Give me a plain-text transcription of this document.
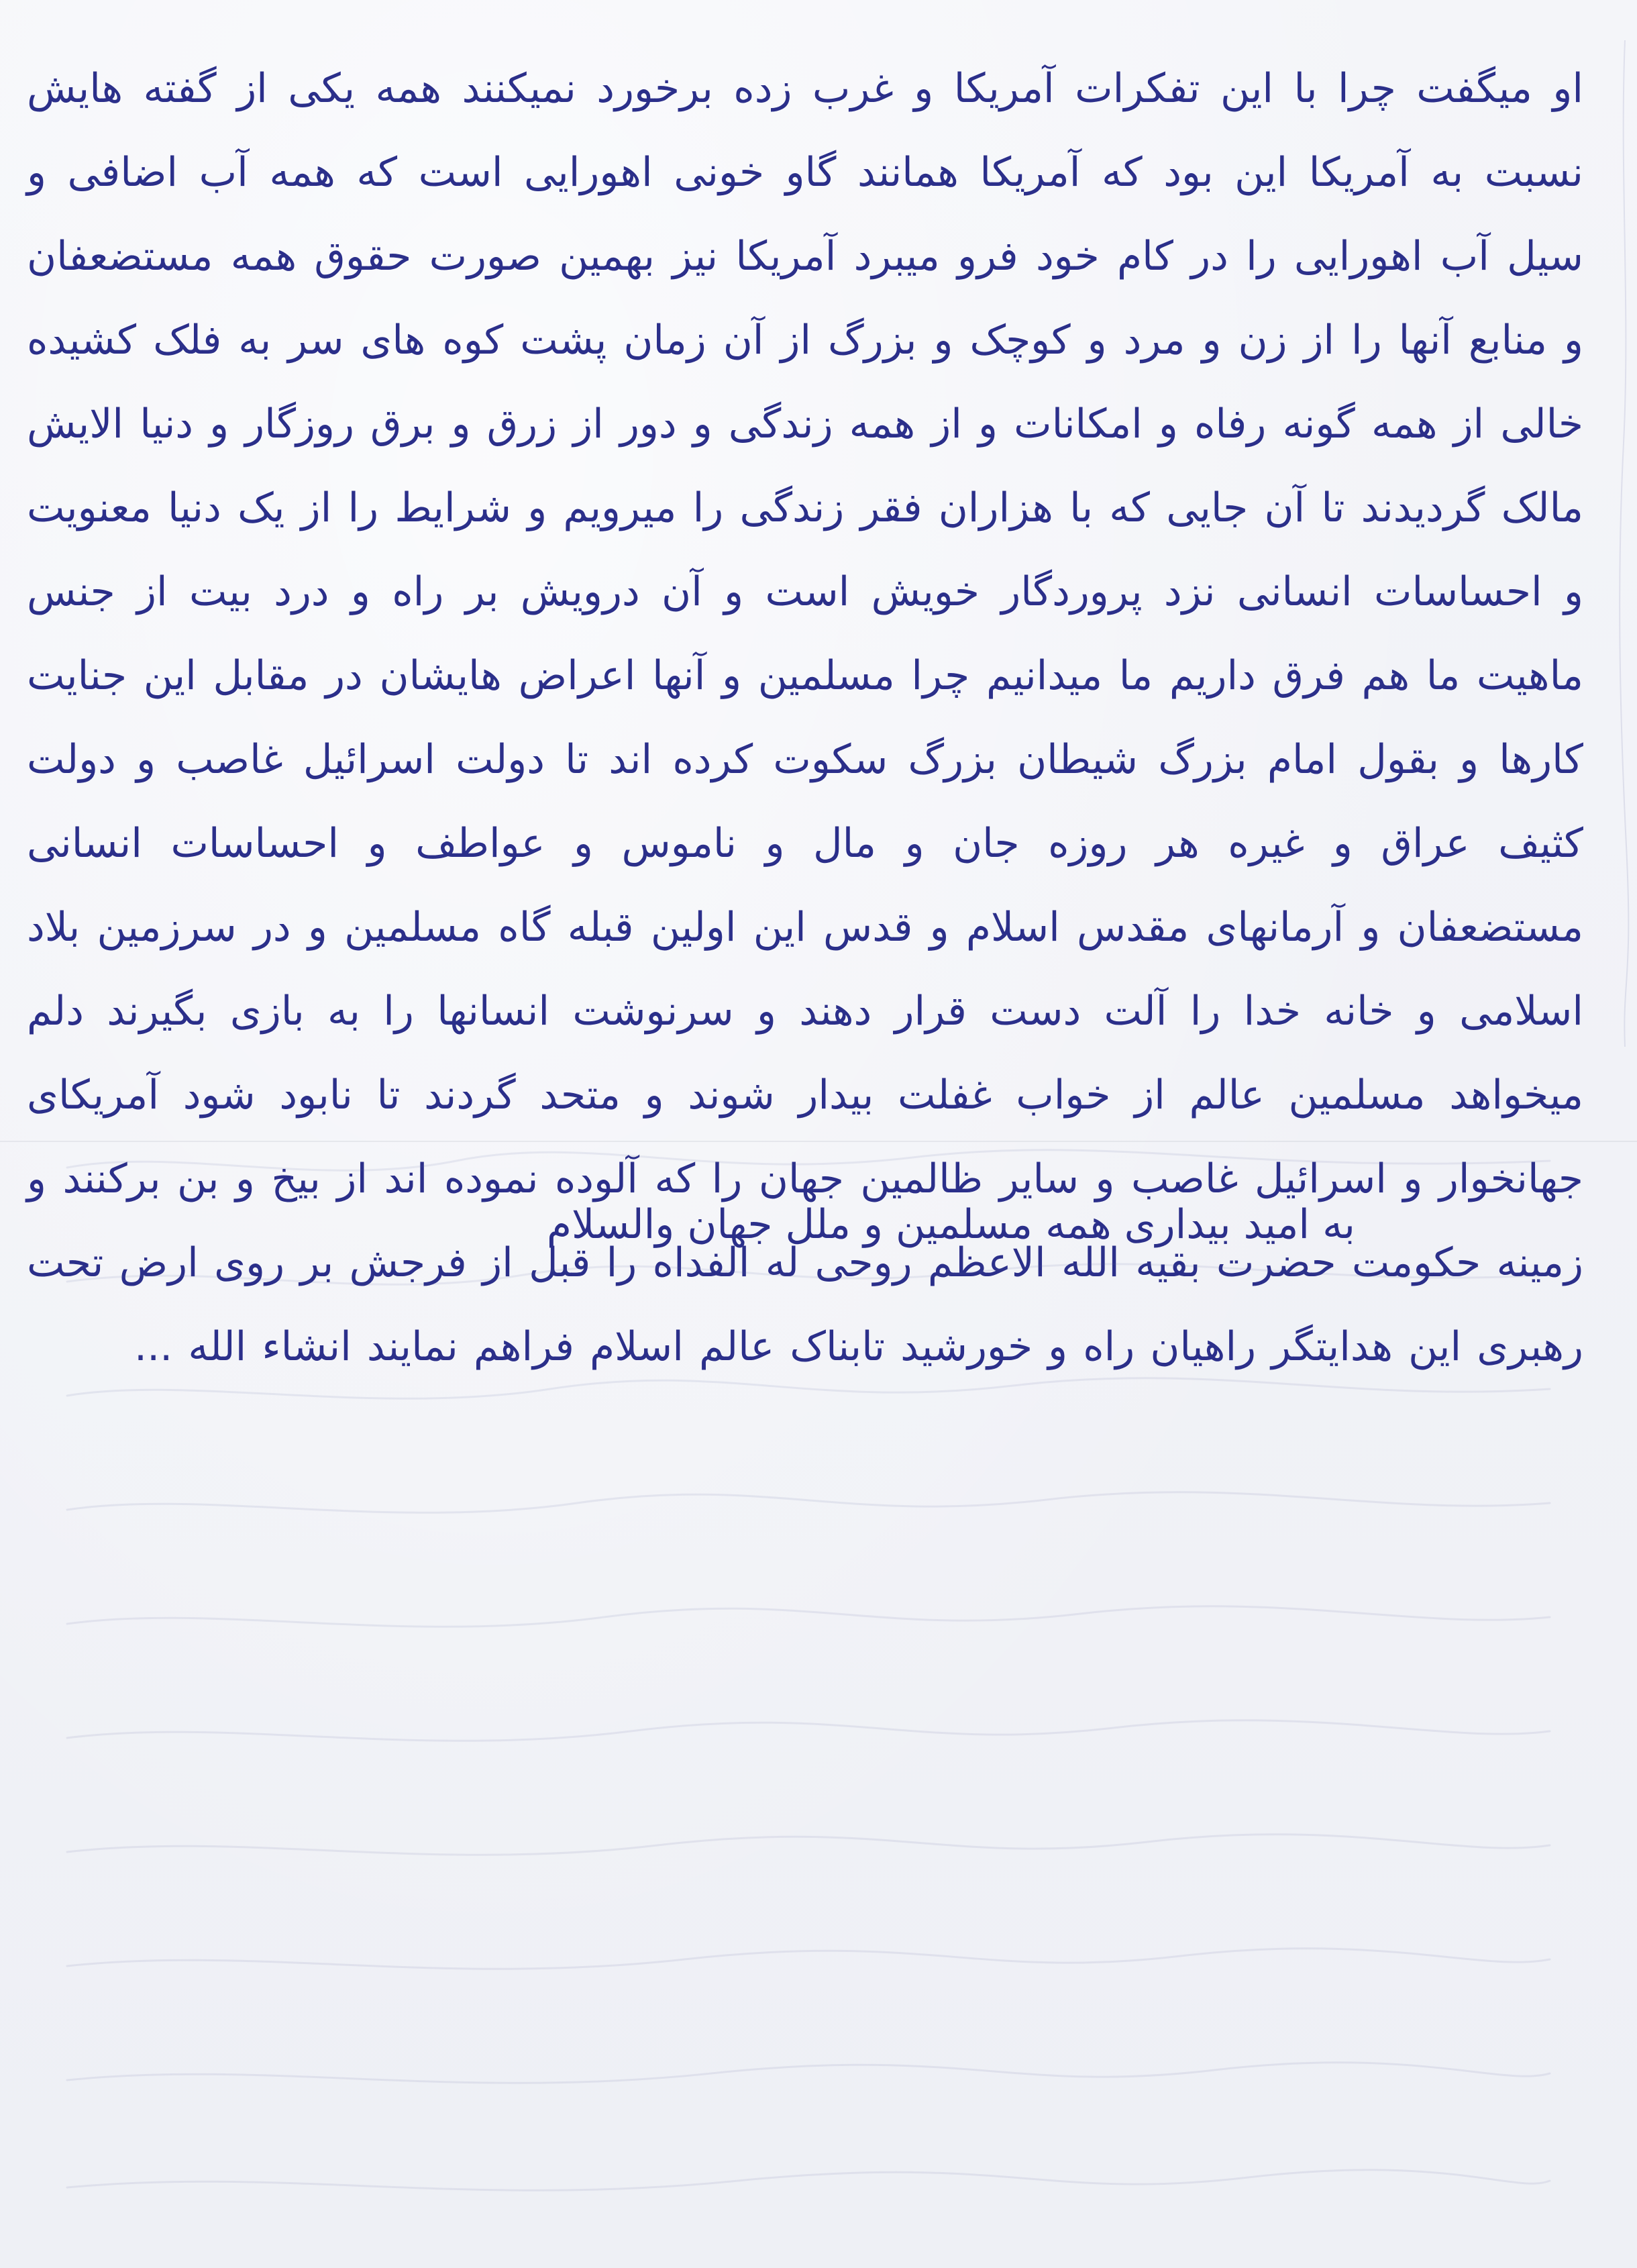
او میگفت چرا با این تفکرات آمریکا و غرب زده برخورد نمیکنند همه یکی از گفته هایش نسبت به آمریکا این بود که آمریکا همانند گاو خونی اهورایی است که همه آب اضافی و سیل آب اهورایی را در کام خود فرو میبرد آمریکا نیز بهمین صورت حقوق همه مستضعفان و منابع آنها را از زن و مرد و کوچک و بزرگ از آن زمان پشت کوه های سر به فلک کشیده خالی از همه گونه رفاه و امکانات و از همه زندگی و دور از زرق و برق روزگار و دنیا الایش مالک گردیدند تا آن جایی که با هزاران فقر زندگی را میرویم و شرایط را از یک دنیا معنویت و احساسات انسانی نزد پروردگار خویش است و آن درویش بر راه و درد بیت از جنس ماهیت ما هم فرق داریم ما میدانیم چرا مسلمین و آنها اعراض هایشان در مقابل این جنایت کارها و بقول امام بزرگ شیطان بزرگ سکوت کرده اند تا دولت اسرائیل غاصب و دولت کثیف عراق و غیره هر روزه جان و مال و ناموس و عواطف و احساسات انسانی مستضعفان و آرمانهای مقدس اسلام و قدس این اولین قبله گاه مسلمین و در سرزمین بلاد اسلامی و خانه خدا را آلت دست قرار دهند و سرنوشت انسانها را به بازی بگیرند دلم میخواهد مسلمین عالم از خواب غفلت بیدار شوند و متحد گردند تا نابود شود آمریکای جهانخوار و اسرائیل غاصب و سایر ظالمین جهان را که آلوده نموده اند از بیخ و بن برکنند و زمینه حکومت حضرت بقیه الله الاعظم روحی له الفداه را قبل از فرجش بر روی ارض تحت رهبری این هدایتگر راهیان راه و خورشید تابناک عالم اسلام فراهم نمایند انشاء الله ...
به امید بیداری همه مسلمین و ملل جهان والسلام
